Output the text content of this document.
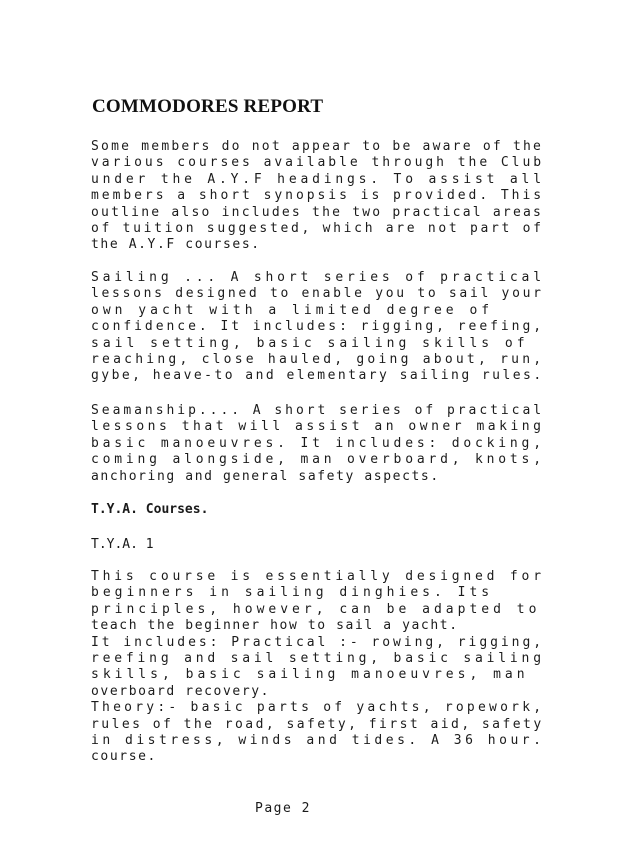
COMMODORES REPORT
Some members do not appear to be aware of the
various courses available through the Club
under the A.Y.F headings. To assist all
members a short synopsis is provided. This
outline also includes the two practical areas
of tuition suggested, which are not part of
the A.Y.F courses.
Sailing ... A short series of practical
lessons designed to enable you to sail your
own yacht with a limited degree of
confidence. It includes: rigging, reefing,
sail setting, basic sailing skills of
reaching, close hauled, going about, run,
gybe, heave-to and elementary sailing rules.
Seamanship.... A short series of practical
lessons that will assist an owner making
basic manoeuvres. It includes: docking,
coming alongside, man overboard, knots,
anchoring and general safety aspects.
T.Y.A. Courses.
T.Y.A. 1
This course is essentially designed for
beginners in sailing dinghies. Its
principles, however, can be adapted to
teach the beginner how to sail a yacht.
It includes: Practical :- rowing, rigging,
reefing and sail setting, basic sailing
skills, basic sailing manoeuvres, man
overboard recovery.
Theory:- basic parts of yachts, ropework,
rules of the road, safety, first aid, safety
in distress, winds and tides. A 36 hour.
course.
Page 2
